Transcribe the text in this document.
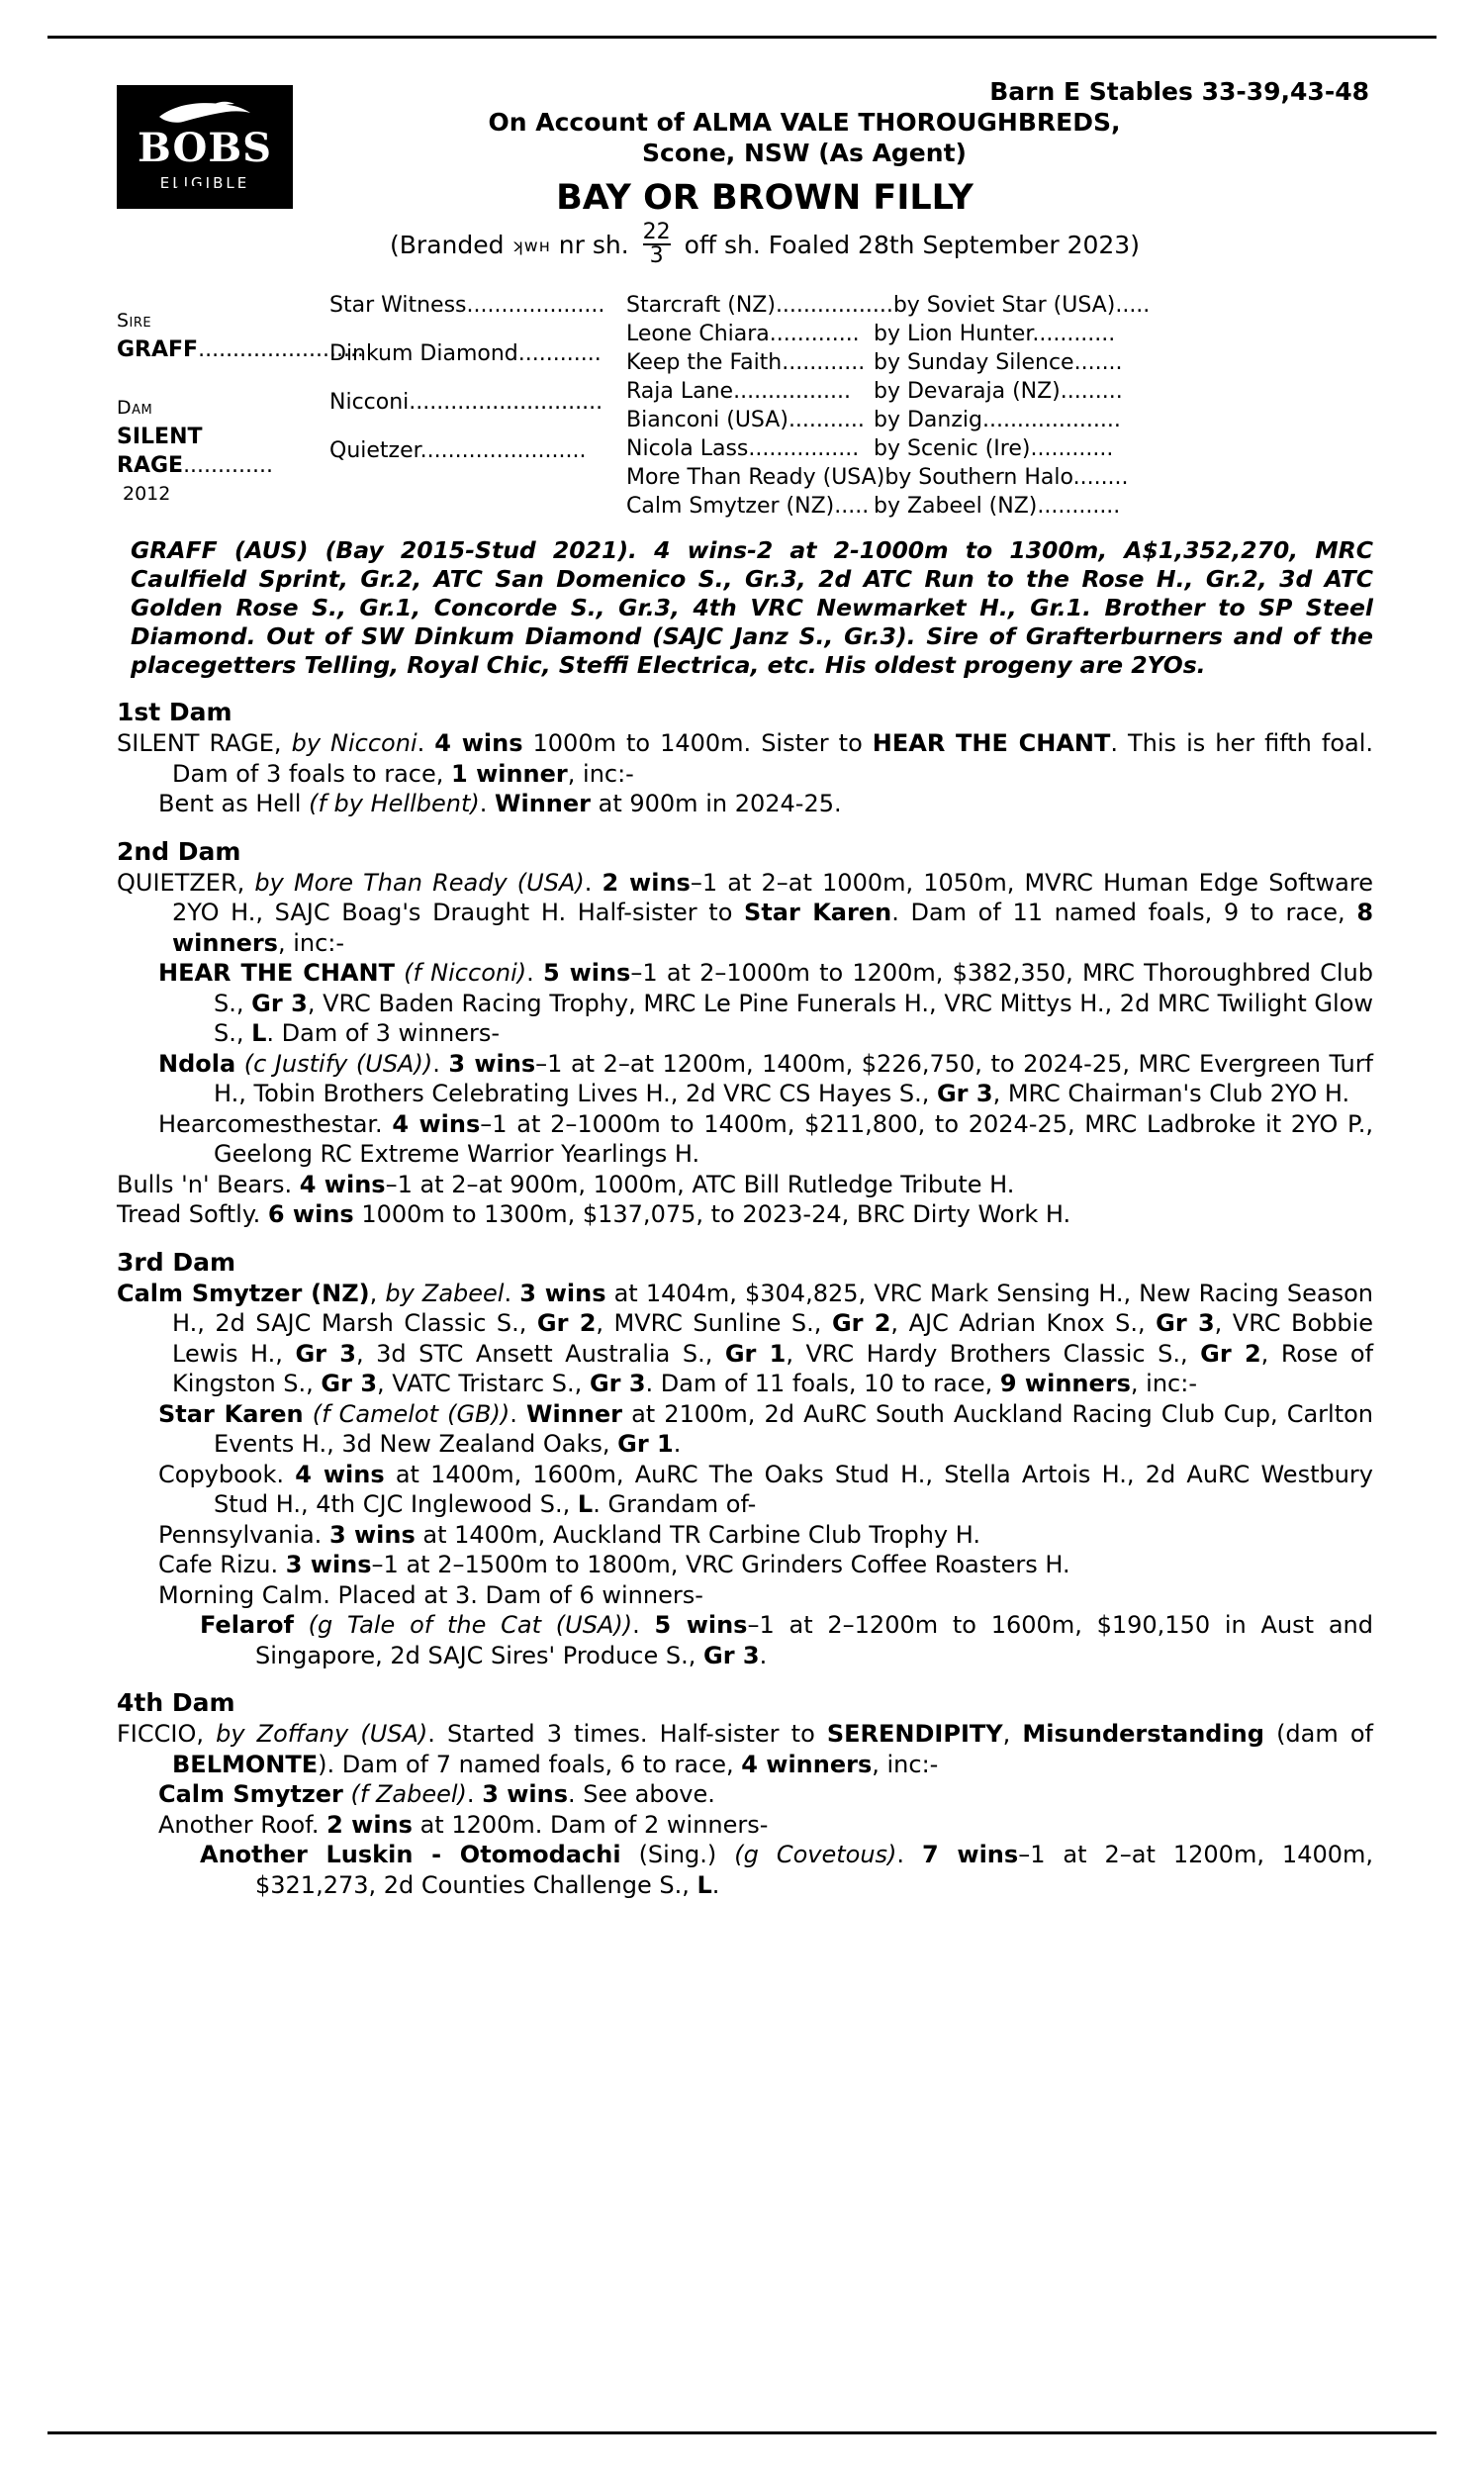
BOBS
ELIGIBLE
Barn E Stables 33-39,43-48
On Account of ALMA VALE THOROUGHBREDS,
Scone, NSW (As Agent)
Lot 65	BAY OR BROWN FILLY
(Branded ʞᴡʜ nr sh. $\frac{22}{3}$ off sh. Foaled 28th September 2023)
Sire
GRAFF........................
Dam
SILENT RAGE.............
2012
Star Witness....................
Dinkum Diamond............
Nicconi............................
Quietzer........................
Starcraft (NZ).................by Soviet Star (USA).....
Leone Chiara............. by Lion Hunter............
Keep the Faith............ by Sunday Silence.......
Raja Lane................. by Devaraja (NZ).........
Bianconi (USA)........... by Danzig....................
Nicola Lass................ by Scenic (Ire)............
More Than Ready (USA)by Southern Halo........
Calm Smytzer (NZ)..... by Zabeel (NZ)............
GRAFF (AUS) (Bay 2015-Stud 2021). 4 wins-2 at 2-1000m to 1300m, A$1,352,270, MRC Caulfield Sprint, Gr.2, ATC San Domenico S., Gr.3, 2d ATC Run to the Rose H., Gr.2, 3d ATC Golden Rose S., Gr.1, Concorde S., Gr.3, 4th VRC Newmarket H., Gr.1. Brother to SP Steel Diamond. Out of SW Dinkum Diamond (SAJC Janz S., Gr.3). Sire of Grafterburners and of the placegetters Telling, Royal Chic, Steffi Electrica, etc. His oldest progeny are 2YOs.
1st Dam

SILENT RAGE, by Nicconi. 4 wins 1000m to 1400m. Sister to HEAR THE CHANT. This is her fifth foal. Dam of 3 foals to race, 1 winner, inc:-

Bent as Hell (f by Hellbent). Winner at 900m in 2024-25.

2nd Dam

QUIETZER, by More Than Ready (USA). 2 wins–1 at 2–at 1000m, 1050m, MVRC Human Edge Software 2YO H., SAJC Boag's Draught H. Half-sister to Star Karen. Dam of 11 named foals, 9 to race, 8 winners, inc:-

HEAR THE CHANT (f Nicconi). 5 wins–1 at 2–1000m to 1200m, $382,350, MRC Thoroughbred Club S., Gr 3, VRC Baden Racing Trophy, MRC Le Pine Funerals H., VRC Mittys H., 2d MRC Twilight Glow S., L. Dam of 3 winners-

Ndola (c Justify (USA)). 3 wins–1 at 2–at 1200m, 1400m, $226,750, to 2024-25, MRC Evergreen Turf H., Tobin Brothers Celebrating Lives H., 2d VRC CS Hayes S., Gr 3, MRC Chairman's Club 2YO H.

Hearcomesthestar. 4 wins–1 at 2–1000m to 1400m, $211,800, to 2024-25, MRC Ladbroke it 2YO P., Geelong RC Extreme Warrior Yearlings H.

Bulls 'n' Bears. 4 wins–1 at 2–at 900m, 1000m, ATC Bill Rutledge Tribute H.

Tread Softly. 6 wins 1000m to 1300m, $137,075, to 2023-24, BRC Dirty Work H.

3rd Dam

Calm Smytzer (NZ), by Zabeel. 3 wins at 1404m, $304,825, VRC Mark Sensing H., New Racing Season H., 2d SAJC Marsh Classic S., Gr 2, MVRC Sunline S., Gr 2, AJC Adrian Knox S., Gr 3, VRC Bobbie Lewis H., Gr 3, 3d STC Ansett Australia S., Gr 1, VRC Hardy Brothers Classic S., Gr 2, Rose of Kingston S., Gr 3, VATC Tristarc S., Gr 3. Dam of 11 foals, 10 to race, 9 winners, inc:-

Star Karen (f Camelot (GB)). Winner at 2100m, 2d AuRC South Auckland Racing Club Cup, Carlton Events H., 3d New Zealand Oaks, Gr 1.

Copybook. 4 wins at 1400m, 1600m, AuRC The Oaks Stud H., Stella Artois H., 2d AuRC Westbury Stud H., 4th CJC Inglewood S., L. Grandam of-

Pennsylvania. 3 wins at 1400m, Auckland TR Carbine Club Trophy H.

Cafe Rizu. 3 wins–1 at 2–1500m to 1800m, VRC Grinders Coffee Roasters H.

Morning Calm. Placed at 3. Dam of 6 winners-

Felarof (g Tale of the Cat (USA)). 5 wins–1 at 2–1200m to 1600m, $190,150 in Aust and Singapore, 2d SAJC Sires' Produce S., Gr 3.

4th Dam

FICCIO, by Zoffany (USA). Started 3 times. Half-sister to SERENDIPITY, Misunderstanding (dam of BELMONTE). Dam of 7 named foals, 6 to race, 4 winners, inc:-

Calm Smytzer (f Zabeel). 3 wins. See above.

Another Roof. 2 wins at 1200m. Dam of 2 winners-

Another Luskin - Otomodachi (Sing.) (g Covetous). 7 wins–1 at 2–at 1200m, 1400m, $321,273, 2d Counties Challenge S., L.
